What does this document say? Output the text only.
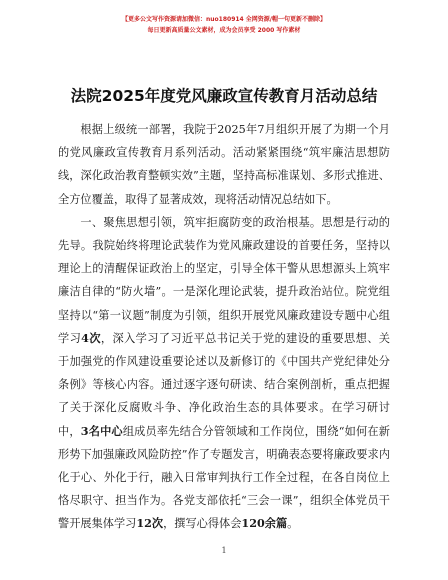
【更多公文写作资源请加微信：nuo180914 全网资源/帽一句更新不删除】
每日更新高质量公文素材，成为会员享受 2000 写作素材
法院2025年度党风廉政宣传教育月活动总结

根据上级统一部署，我院于2025年7月组织开展了为期一个月的党风廉政宣传教育月系列活动。活动紧紧围绕“筑牢廉洁思想防线，深化政治教育整顿实效”主题，坚持高标准谋划、多形式推进、全方位覆盖，取得了显著成效，现将活动情况总结如下。

一、聚焦思想引领，筑牢拒腐防变的政治根基。思想是行动的先导。我院始终将理论武装作为党风廉政建设的首要任务，坚持以理论上的清醒保证政治上的坚定，引导全体干警从思想源头上筑牢廉洁自律的“防火墙”。一是深化理论武装，提升政治站位。院党组坚持以“第一议题”制度为引领，组织开展党风廉政建设专题中心组学习4次，深入学习了习近平总书记关于党的建设的重要思想、关于加强党的作风建设重要论述以及新修订的《中国共产党纪律处分条例》等核心内容。通过逐字逐句研读、结合案例剖析，重点把握了关于深化反腐败斗争、净化政治生态的具体要求。在学习研讨中，3名中心组成员率先结合分管领域和工作岗位，围绕“如何在新形势下加强廉政风险防控”作了专题发言，明确表态要将廉政要求内化于心、外化于行，融入日常审判执行工作全过程，在各自岗位上恪尽职守、担当作为。各党支部依托“三会一课”，组织全体党员干警开展集体学习12次，撰写心得体会120余篇。

1
